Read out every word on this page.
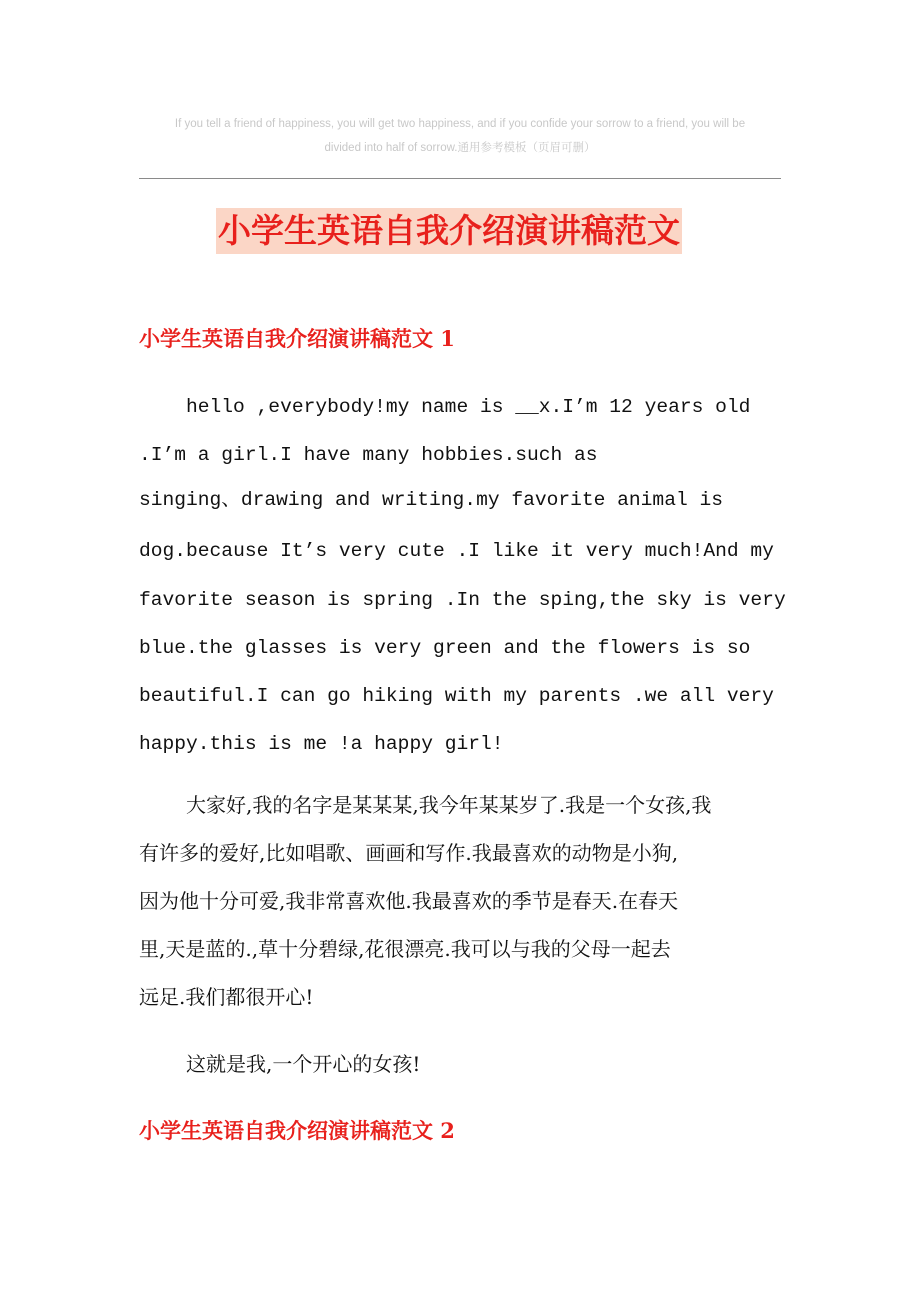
If you tell a friend of happiness, you will get two happiness, and if you confide your sorrow to a friend, you will be
divided into half of sorrow.通用参考模板（页眉可删）
小学生英语自我介绍演讲稿范文
小学生英语自我介绍演讲稿范文 1
hello ,everybody!my name is __x.I’m 12 years old
.I’m a girl.I have many hobbies.such as
singing、drawing and writing.my favorite animal is
dog.because It’s very cute .I like it very much!And my
favorite season is spring .In the sping,the sky is very
blue.the glasses is very green and the flowers is so
beautiful.I can go hiking with my parents .we all very
happy.this is me !a happy girl!
大家好,我的名字是某某某,我今年某某岁了.我是一个女孩,我
有许多的爱好,比如唱歌、画画和写作.我最喜欢的动物是小狗,
因为他十分可爱,我非常喜欢他.我最喜欢的季节是春天.在春天
里,天是蓝的.,草十分碧绿,花很漂亮.我可以与我的父母一起去
远足.我们都很开心!
这就是我,一个开心的女孩!
小学生英语自我介绍演讲稿范文 2
